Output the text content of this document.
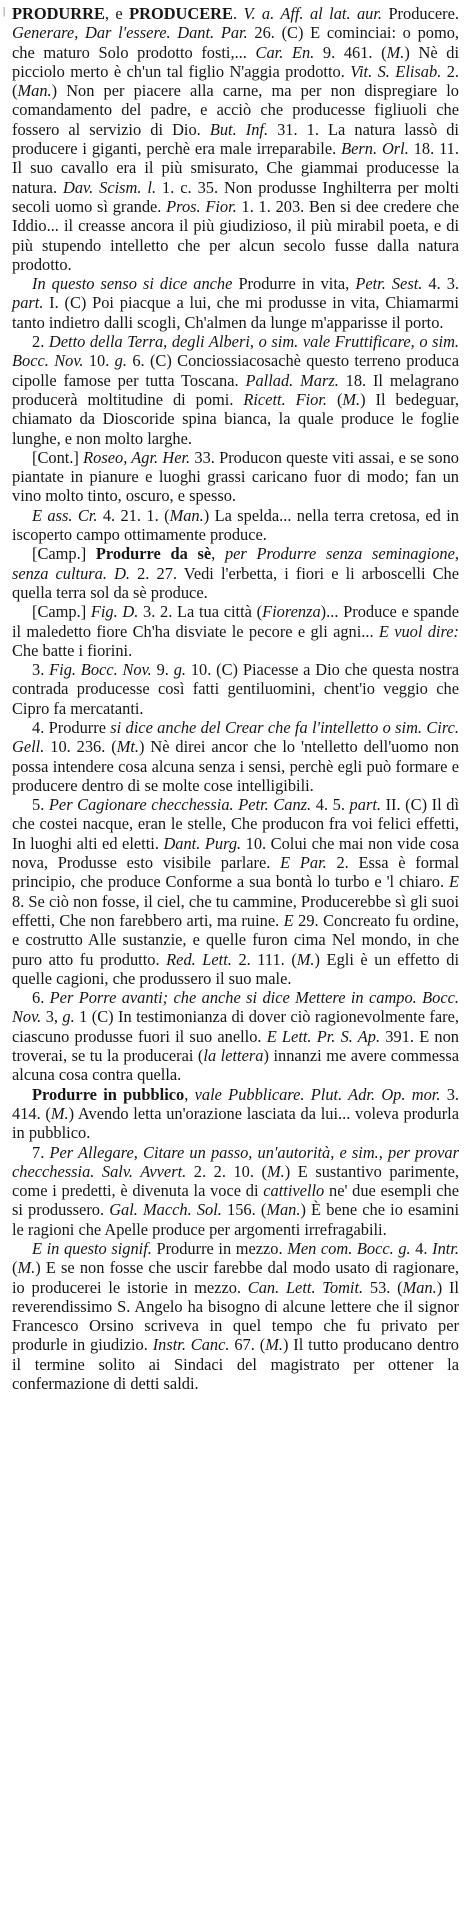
| PRODURRE, e PRODUCERE. V. a. Aff. al lat. aur. Producere. Generare, Dar l'essere. Dant. Par. 26. (C) E cominciai: o pomo, che maturo Solo prodotto fosti,... Car. En. 9. 461. (M.) Nè di picciolo merto è ch'un tal figlio N'aggia prodotto. Vit. S. Elisab. 2. (Man.) Non per piacere alla carne, ma per non dispregiare lo comandamento del padre, e acciò che producesse figliuoli che fossero al servizio di Dio. But. Inf. 31. 1. La natura lassò di producere i giganti, perchè era male irreparabile. Bern. Orl. 18. 11. Il suo cavallo era il più smisurato, Che giammai producesse la natura. Dav. Scism. l. 1. c. 35. Non produsse Inghilterra per molti secoli uomo sì grande. Pros. Fior. 1. 1. 203. Ben si dee credere che Iddio... il creasse ancora il più giudizioso, il più mirabil poeta, e di più stupendo intelletto che per alcun secolo fusse dalla natura prodotto.

In questo senso si dice anche Produrre in vita, Petr. Sest. 4. 3. part. I. (C) Poi piacque a lui, che mi produsse in vita, Chiamarmi tanto indietro dalli scogli, Ch'almen da lunge m'apparisse il porto.

2. Detto della Terra, degli Alberi, o sim. vale Fruttificare, o sim. Bocc. Nov. 10. g. 6. (C) Conciossiacosachè questo terreno produca cipolle famose per tutta Toscana. Pallad. Marz. 18. Il melagrano producerà moltitudine di pomi. Ricett. Fior. (M.) Il bedeguar, chiamato da Dioscoride spina bianca, la quale produce le foglie lunghe, e non molto larghe.

[Cont.] Roseo, Agr. Her. 33. Producon queste viti assai, e se sono piantate in pianure e luoghi grassi caricano fuor di modo; fan un vino molto tinto, oscuro, e spesso.

E ass. Cr. 4. 21. 1. (Man.) La spelda... nella terra cretosa, ed in iscoperto campo ottimamente produce.

[Camp.] Produrre da sè, per Produrre senza seminagione, senza cultura. D. 2. 27. Vedi l'erbetta, i fiori e li arboscelli Che quella terra sol da sè produce.

[Camp.] Fig. D. 3. 2. La tua città (Fiorenza)... Produce e spande il maledetto fiore Ch'ha disviate le pecore e gli agni... E vuol dire: Che batte i fiorini.

3. Fig. Bocc. Nov. 9. g. 10. (C) Piacesse a Dio che questa nostra contrada producesse così fatti gentiluomini, chent'io veggio che Cipro fa mercatanti.

4. Produrre si dice anche del Crear che fa l'intelletto o sim. Circ. Gell. 10. 236. (Mt.) Nè direi ancor che lo 'ntelletto dell'uomo non possa intendere cosa alcuna senza i sensi, perchè egli può formare e producere dentro di se molte cose intelligibili.

5. Per Cagionare checchessia. Petr. Canz. 4. 5. part. II. (C) Il dì che costei nacque, eran le stelle, Che producon fra voi felici effetti, In luoghi alti ed eletti. Dant. Purg. 10. Colui che mai non vide cosa nova, Produsse esto visibile parlare. E Par. 2. Essa è formal principio, che produce Conforme a sua bontà lo turbo e 'l chiaro. E 8. Se ciò non fosse, il ciel, che tu cammine, Producerebbe sì gli suoi effetti, Che non farebbero arti, ma ruine. E 29. Concreato fu ordine, e costrutto Alle sustanzie, e quelle furon cima Nel mondo, in che puro atto fu produtto. Red. Lett. 2. 111. (M.) Egli è un effetto di quelle cagioni, che produssero il suo male.

6. Per Porre avanti; che anche si dice Mettere in campo. Bocc. Nov. 3, g. 1 (C) In testimonianza di dover ciò ragionevolmente fare, ciascuno produsse fuori il suo anello. E Lett. Pr. S. Ap. 391. E non troverai, se tu la producerai (la lettera) innanzi me avere commessa alcuna cosa contra quella.

Produrre in pubblico, vale Pubblicare. Plut. Adr. Op. mor. 3. 414. (M.) Avendo letta un'orazione lasciata da lui... voleva produrla in pubblico.

7. Per Allegare, Citare un passo, un'autorità, e sim., per provar checchessia. Salv. Avvert. 2. 2. 10. (M.) E sustantivo parimente, come i predetti, è divenuta la voce di cattivello ne' due esempli che si produssero. Gal. Macch. Sol. 156. (Man.) È bene che io esamini le ragioni che Apelle produce per argomenti irrefragabili.

E in questo signif. Produrre in mezzo. Men com. Bocc. g. 4. Intr. (M.) E se non fosse che uscir farebbe dal modo usato di ragionare, io producerei le istorie in mezzo. Can. Lett. Tomit. 53. (Man.) Il reverendissimo S. Angelo ha bisogno di alcune lettere che il signor Francesco Orsino scriveva in quel tempo che fu privato per produrle in giudizio. Instr. Canc. 67. (M.) Il tutto producano dentro il termine solito ai Sindaci del magistrato per ottener la confermazione di detti saldi.
